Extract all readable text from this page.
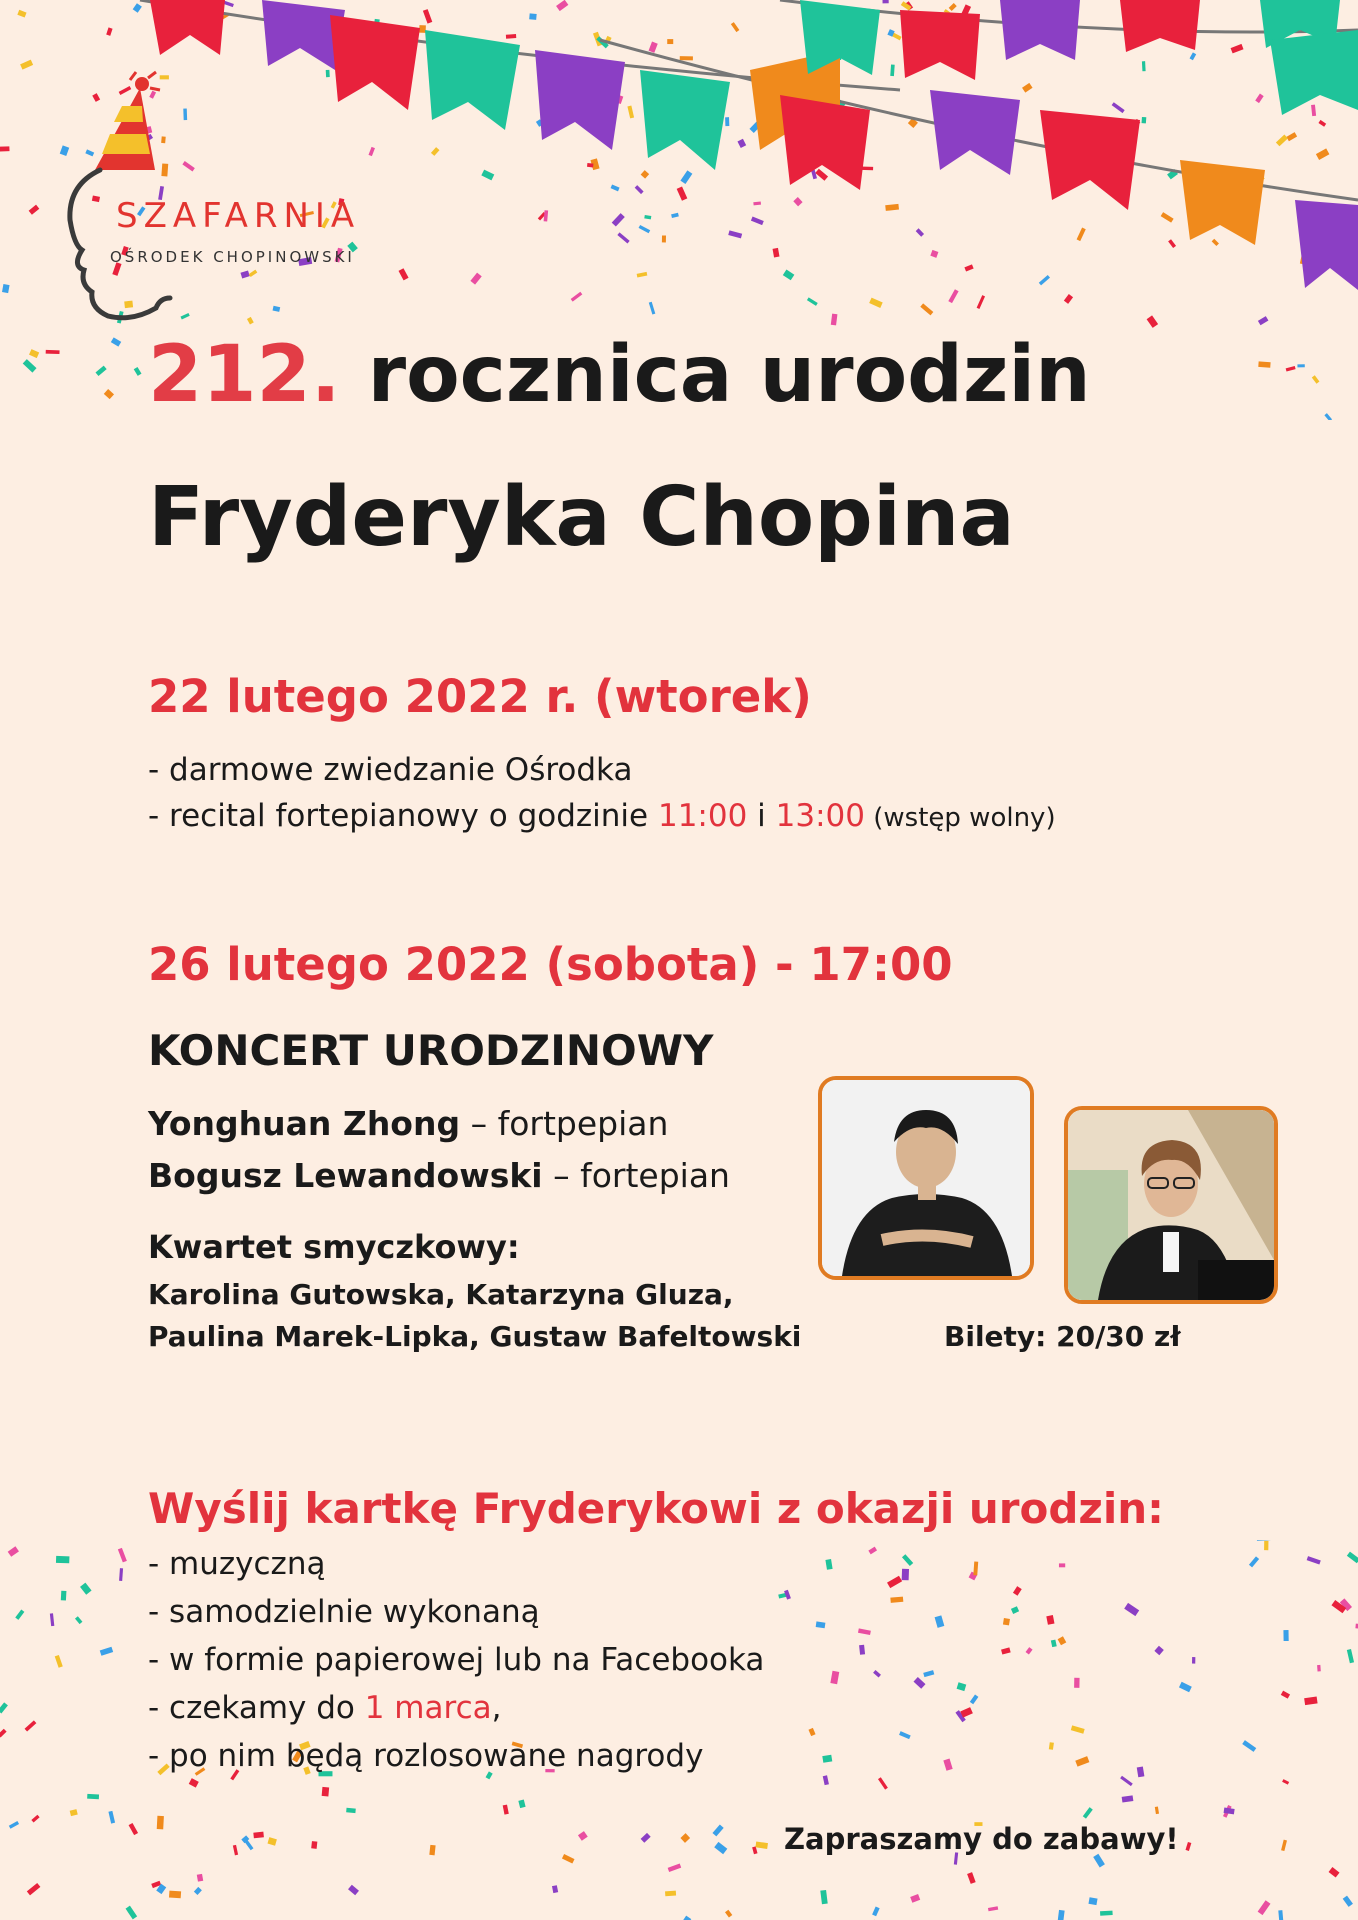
SZAFARNIA
OŚRODEK CHOPINOWSKI
212. rocznica urodzin
Fryderyka Chopina
22 lutego 2022 r. (wtorek)
- darmowe zwiedzanie Ośrodka
- recital fortepianowy o godzinie 11:00 i 13:00 (wstęp wolny)
26 lutego 2022 (sobota) - 17:00
KONCERT URODZINOWY
Yonghuan Zhong – fortpepian
Bogusz Lewandowski – fortepian
Kwartet smyczkowy:
Karolina Gutowska, Katarzyna Gluza,
Paulina Marek-Lipka, Gustaw Bafeltowski	Bilety: 20/30 zł
Wyślij kartkę Fryderykowi z okazji urodzin:
- muzyczną
- samodzielnie wykonaną
- w formie papierowej lub na Facebooka
- czekamy do 1 marca,
- po nim będą rozlosowane nagrody
Zapraszamy do zabawy!
